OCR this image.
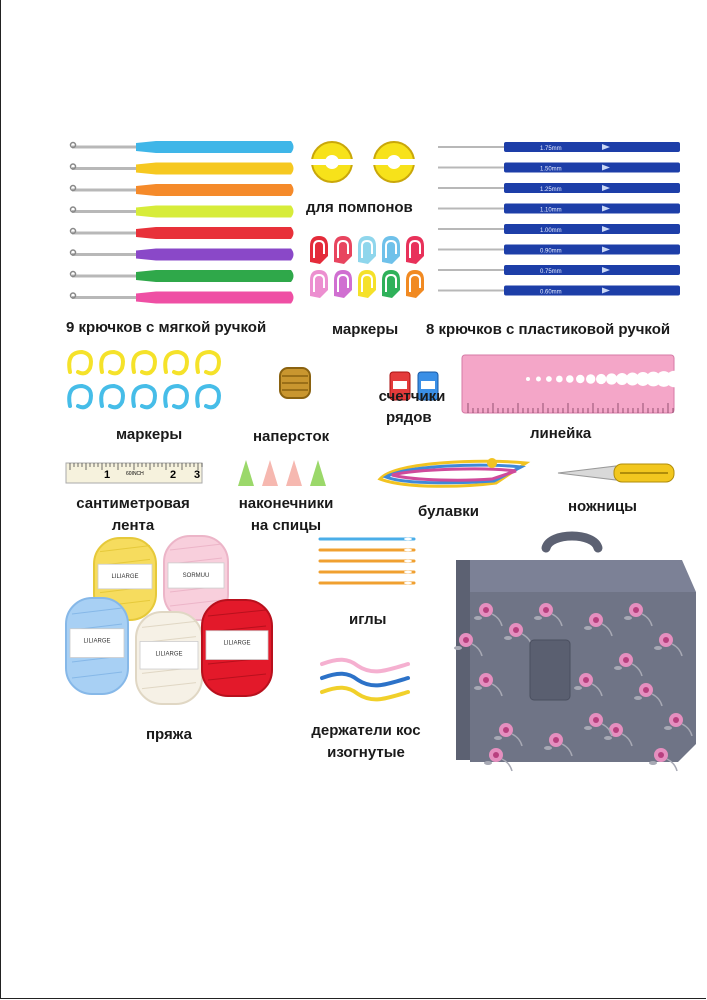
9 крючков с мягкой ручкой
для помпонов
маркеры
1.75mm
1.50mm
1.25mm
1.10mm
1.00mm
0.90mm
0.75mm
0.60mm
8 крючков с пластиковой ручкой
маркеры	наперсток
счетчики
рядов
линейка
1	60INCH 2 3
сантиметровая
лента
наконечники
на спицы
булавки	ножницы
иглы
LILIARGE	SORMUU
LILIARGE
LILIARGE
LILIARGE
пряжа	держатели кос
изогнутые
